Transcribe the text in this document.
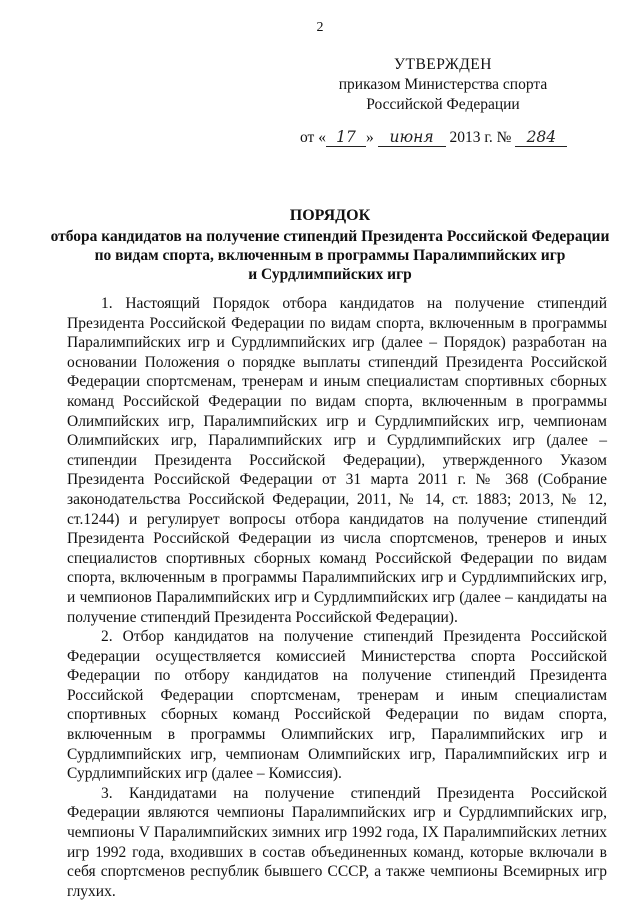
2
УТВЕРЖДЕН
приказом Министерства спорта
Российской Федерации
от « 17 » июня 2013 г. № 284
ПОРЯДОК
отбора кандидатов на получение стипендий Президента Российской Федерации
по видам спорта, включенным в программы Паралимпийских игр
и Сурдлимпийских игр

1. Настоящий Порядок отбора кандидатов на получение стипендий Президента Российской Федерации по видам спорта, включенным в программы Паралимпийских игр и Сурдлимпийских игр (далее – Порядок) разработан на основании Положения о порядке выплаты стипендий Президента Российской Федерации спортсменам, тренерам и иным специалистам спортивных сборных команд Российской Федерации по видам спорта, включенным в программы Олимпийских игр, Паралимпийских игр и Сурдлимпийских игр, чемпионам Олимпийских игр, Паралимпийских игр и Сурдлимпийских игр (далее – стипендии Президента Российской Федерации), утвержденного Указом Президента Российской Федерации от 31 марта 2011 г. № 368 (Собрание законодательства Российской Федерации, 2011, № 14, ст. 1883; 2013, № 12, ст.1244) и регулирует вопросы отбора кандидатов на получение стипендий Президента Российской Федерации из числа спортсменов, тренеров и иных специалистов спортивных сборных команд Российской Федерации по видам спорта, включенным в программы Паралимпийских игр и Сурдлимпийских игр, и чемпионов Паралимпийских игр и Сурдлимпийских игр (далее – кандидаты на получение стипендий Президента Российской Федерации).

2. Отбор кандидатов на получение стипендий Президента Российской Федерации осуществляется комиссией Министерства спорта Российской Федерации по отбору кандидатов на получение стипендий Президента Российской Федерации спортсменам, тренерам и иным специалистам спортивных сборных команд Российской Федерации по видам спорта, включенным в программы Олимпийских игр, Паралимпийских игр и Сурдлимпийских игр, чемпионам Олимпийских игр, Паралимпийских игр и Сурдлимпийских игр (далее – Комиссия).

3. Кандидатами на получение стипендий Президента Российской Федерации являются чемпионы Паралимпийских игр и Сурдлимпийских игр, чемпионы V Паралимпийских зимних игр 1992 года, IX Паралимпийских летних игр 1992 года, входивших в состав объединенных команд, которые включали в себя спортсменов республик бывшего СССР, а также чемпионы Всемирных игр глухих.
